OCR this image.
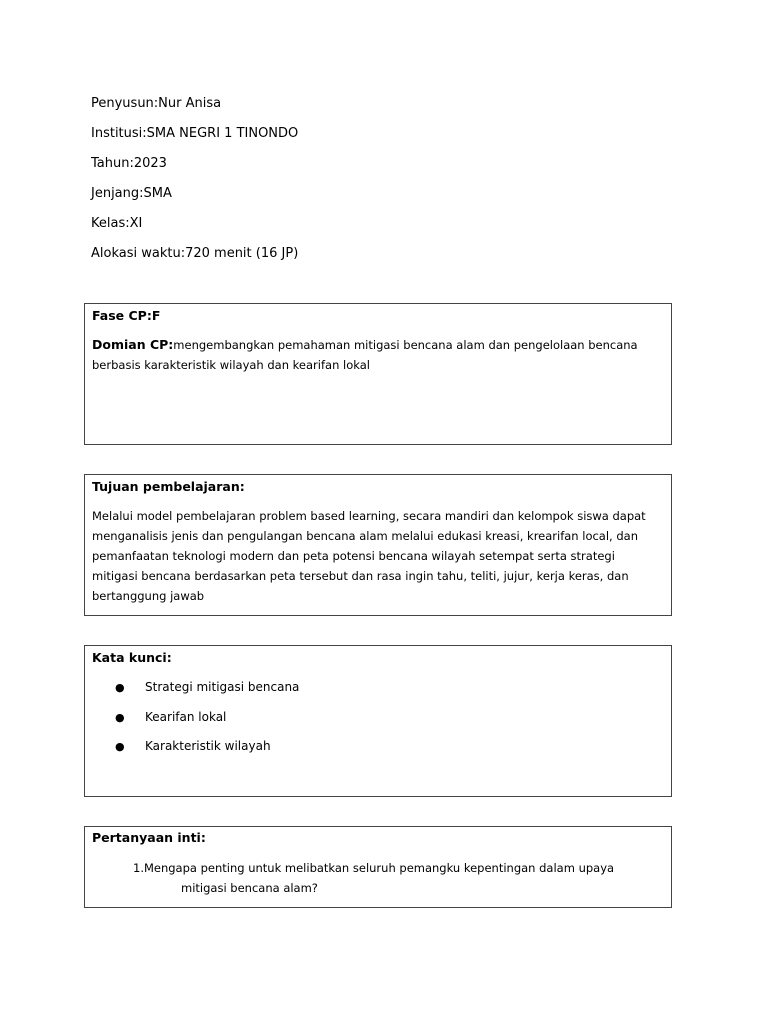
Penyusun:Nur Anisa
Institusi:SMA NEGRI 1 TINONDO
Tahun:2023
Jenjang:SMA
Kelas:XI
Alokasi waktu:720 menit (16 JP)
Fase CP:F
Domian CP:mengembangkan pemahaman mitigasi bencana alam dan pengelolaan bencana
berbasis karakteristik wilayah dan kearifan lokal
Tujuan pembelajaran:
Melalui model pembelajaran problem based learning, secara mandiri dan kelompok siswa dapat
menganalisis jenis dan pengulangan bencana alam melalui edukasi kreasi, krearifan local, dan
pemanfaatan teknologi modern dan peta potensi bencana wilayah setempat serta strategi
mitigasi bencana berdasarkan peta tersebut dan rasa ingin tahu, teliti, jujur, kerja keras, dan
bertanggung jawab
Kata kunci:
● Strategi mitigasi bencana
● Kearifan lokal
● Karakteristik wilayah
Pertanyaan inti:
1.Mengapa penting untuk melibatkan seluruh pemangku kepentingan dalam upaya
mitigasi bencana alam?
